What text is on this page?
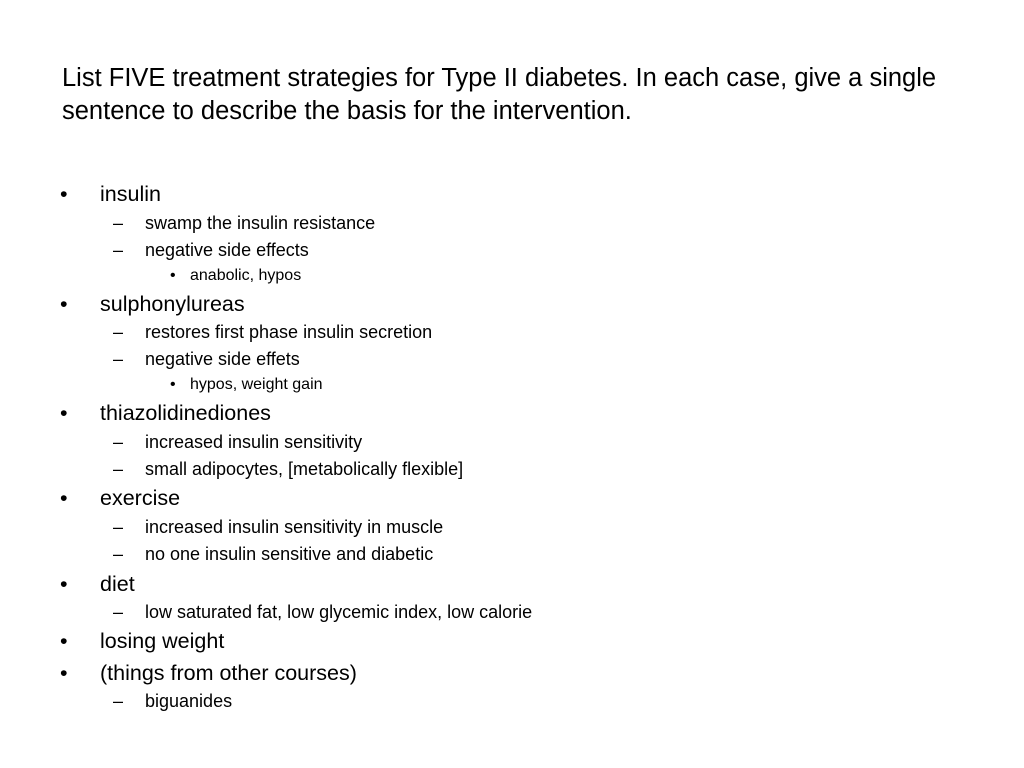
List FIVE treatment strategies for Type II diabetes. In each case, give a single sentence to describe the basis for the intervention.
• insulin
– swamp the insulin resistance
– negative side effects
• anabolic, hypos
• sulphonylureas
– restores first phase insulin secretion
– negative side effets
• hypos, weight gain
• thiazolidinediones
– increased insulin sensitivity
– small adipocytes, [metabolically flexible]
• exercise
– increased insulin sensitivity in muscle
– no one insulin sensitive and diabetic
• diet
– low saturated fat, low glycemic index, low calorie
• losing weight
• (things from other courses)
– biguanides
